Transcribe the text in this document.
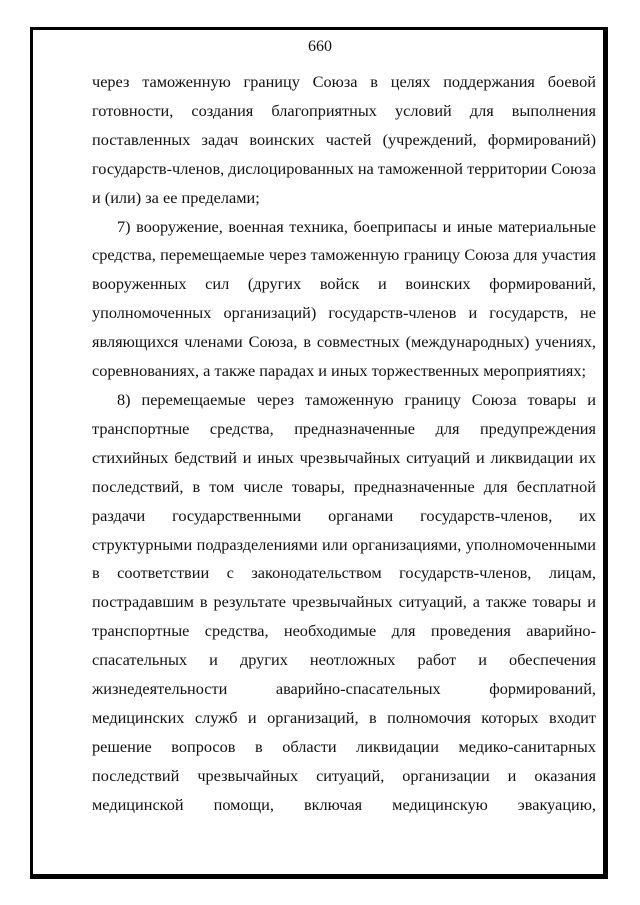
660

через таможенную границу Союза в целях поддержания боевой готовности, создания благоприятных условий для выполнения поставленных задач воинских частей (учреждений, формирований) государств-членов, дислоцированных на таможенной территории Союза и (или) за ее пределами;

7) вооружение, военная техника, боеприпасы и иные материальные средства, перемещаемые через таможенную границу Союза для участия вооруженных сил (других войск и воинских формирований, уполномоченных организаций) государств-членов и государств, не являющихся членами Союза, в совместных (международных) учениях, соревнованиях, а также парадах и иных торжественных мероприятиях;

8) перемещаемые через таможенную границу Союза товары и транспортные средства, предназначенные для предупреждения стихийных бедствий и иных чрезвычайных ситуаций и ликвидации их последствий, в том числе товары, предназначенные для бесплатной раздачи государственными органами государств-членов, их структурными подразделениями или организациями, уполномоченными в соответствии с законодательством государств-членов, лицам, пострадавшим в результате чрезвычайных ситуаций, а также товары и транспортные средства, необходимые для проведения аварийно-спасательных и других неотложных работ и обеспечения жизнедеятельности аварийно-спасательных формирований, медицинских служб и организаций, в полномочия которых входит решение вопросов в области ликвидации медико-санитарных последствий чрезвычайных ситуаций, организации и оказания медицинской помощи, включая медицинскую эвакуацию,
